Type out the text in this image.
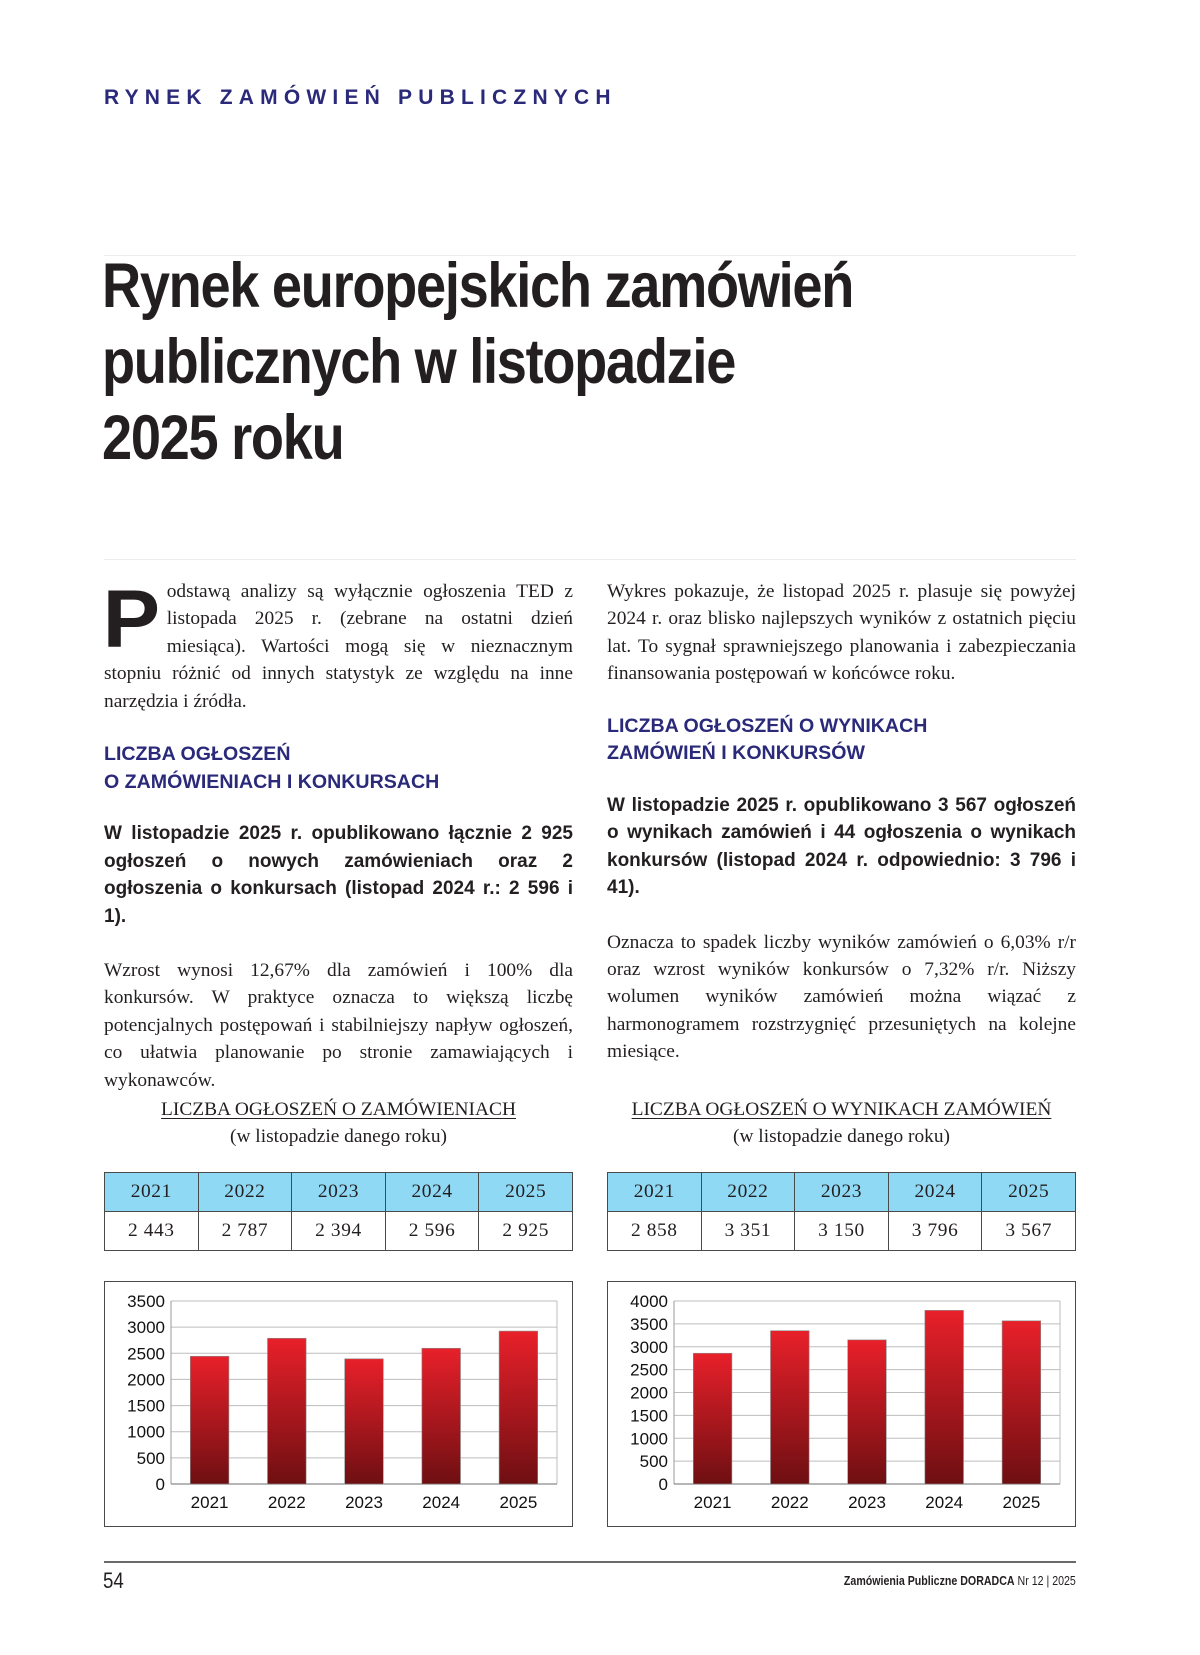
RYNEK ZAMÓWIEŃ PUBLICZNYCH
Rynek europejskich zamówień
publicznych w listopadzie
2025 roku

Podstawą analizy są wyłącznie ogłoszenia TED z listopada 2025 r. (zebrane na ostatni dzień miesiąca). Wartości mogą się w nieznacznym stopniu różnić od innych statystyk ze względu na inne narzędzia i źródła.

LICZBA OGŁOSZEŃ
O ZAMÓWIENIACH I KONKURSACH

W listopadzie 2025 r. opublikowano łącznie 2 925 ogłoszeń o nowych zamówieniach oraz 2 ogłoszenia o konkursach (listopad 2024 r.: 2 596 i 1).

Wzrost wynosi 12,67% dla zamówień i 100% dla konkursów. W praktyce oznacza to większą liczbę potencjalnych postępowań i stabilniejszy napływ ogłoszeń, co ułatwia planowanie po stronie zamawiających i wykonawców.

Wykres pokazuje, że listopad 2025 r. plasuje się powyżej 2024 r. oraz blisko najlepszych wyników z ostatnich pięciu lat. To sygnał sprawniejszego planowania i zabezpieczania finansowania postępowań w końcówce roku.

LICZBA OGŁOSZEŃ O WYNIKACH
ZAMÓWIEŃ I KONKURSÓW

W listopadzie 2025 r. opublikowano 3 567 ogłoszeń o wynikach zamówień i 44 ogłoszenia o wynikach konkursów (listopad 2024 r. odpowiednio: 3 796 i 41).

Oznacza to spadek liczby wyników zamówień o 6,03% r/r oraz wzrost wyników konkursów o 7,32% r/r. Niższy wolumen wyników zamówień można wiązać z harmonogramem rozstrzygnięć przesuniętych na kolejne miesiące.

LICZBA OGŁOSZEŃ O ZAMÓWIENIACH
(w listopadzie danego roku)
LICZBA OGŁOSZEŃ O WYNIKACH ZAMÓWIEŃ
(w listopadzie danego roku)
2021	2022	2023	2024	2025
2 443	2 787	2 394	2 596	2 925
2021	2022	2023	2024	2025
2 858	3 351	3 150	3 796	3 567
0
500
1000
1500
2000
2500
3000
3500
2021 2022 2023 2024 2025
0
500
1000
1500
2000
2500
3000
3500
4000
2021 2022 2023 2024 2025
54	Zamówienia Publiczne DORADCA Nr 12 | 2025
